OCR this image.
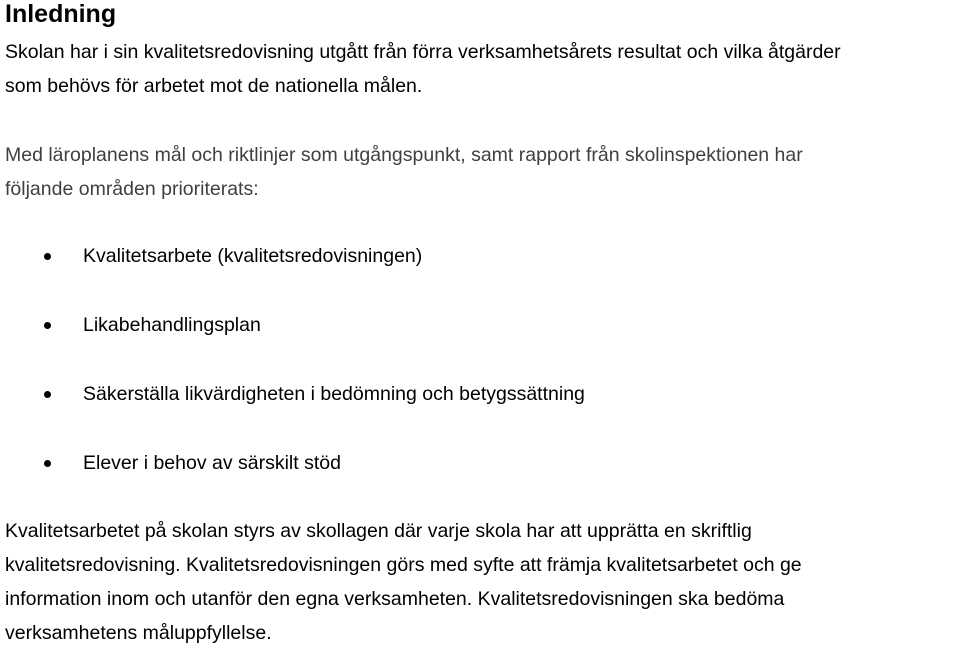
Inledning

Skolan har i sin kvalitetsredovisning utgått från förra verksamhetsårets resultat och vilka åtgärder
som behövs för arbetet mot de nationella målen.

Med läroplanens mål och riktlinjer som utgångspunkt, samt rapport från skolinspektionen har
följande områden prioriterats:

Kvalitetsarbete (kvalitetsredovisningen)
Likabehandlingsplan
Säkerställa likvärdigheten i bedömning och betygssättning
Elever i behov av särskilt stöd

Kvalitetsarbetet på skolan styrs av skollagen där varje skola har att upprätta en skriftlig
kvalitetsredovisning. Kvalitetsredovisningen görs med syfte att främja kvalitetsarbetet och ge
information inom och utanför den egna verksamheten. Kvalitetsredovisningen ska bedöma
verksamhetens måluppfyllelse.
